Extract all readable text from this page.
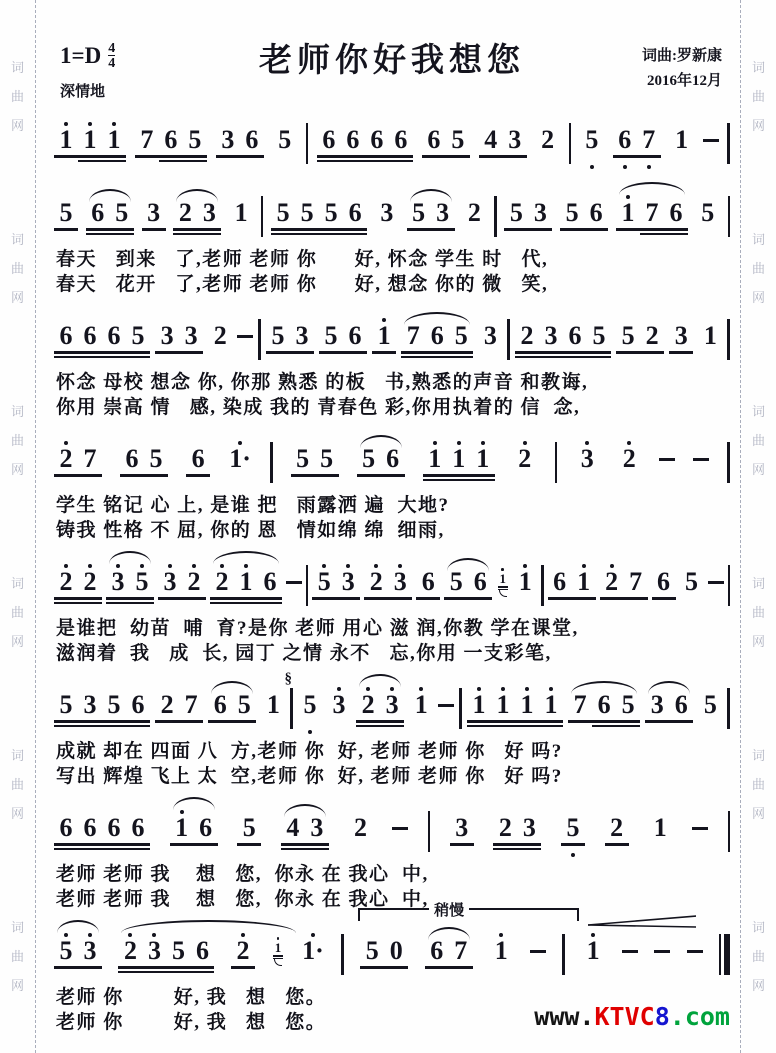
$1=D \frac{4}{4}$
深情地
老师你好我想您	词曲:罗新康
2016年12月
1 1 1 7 6 5 3 6 5 6 6 6 6 6 5 4 3 2 5 6 7 1
5 6 5 3 2 3 1 5 5 5 6 3 5 3 2 5 3 5 6 1 7 6 5
春天   到来   了,老师 老师 你      好, 怀念 学生 时   代,
春天   花开   了,老师 老师 你      好, 想念 你的 微   笑,
6 6 6 5 3 3 2 5 3 5 6 1 7 6 5 3 2 3 6 5 5 2 3 1
怀念 母校 想念 你, 你那 熟悉 的板   书,熟悉的声音 和教诲,
你用 崇高 情   感, 染成 我的 青春色 彩,你用执着的 信  念,
2 7 6 5 6 1· 5 5 5 6 1 1 1 2 3 2
学生 铭记 心 上, 是谁 把   雨露洒 遍  大地?
铸我 性格 不 屈, 你的 恩   情如绵 绵  细雨,
2 2 3 5 3 2 2 1 6 5 3 2 3 6 5 6 1 1 6 1 2 7 6 5
是谁把  幼苗  哺  育?是你 老师 用心 滋 润,你教 学在课堂,
滋润着  我   成  长, 园丁 之情 永不   忘,你用 一支彩笔,
5 3 5 6 2 7 6 5 1
§
5 3 2 3 1 1 1 1 1 7 6 5 3 6 5
成就 却在 四面 八  方,老师 你  好, 老师 老师 你   好 吗?
写出 辉煌 飞上 太  空,老师 你  好, 老师 老师 你   好 吗?
6 6 6 6 1 6 5 4 3 2	3 2 3 5 2 1
老师 老师 我    想   您,  你永 在 我心  中,
老师 老师 我    想   您,  你永 在 我心  中,
稍慢
5 3 2 3 5 6 2 1 1· 5 0 6 7 1	1
老师 你        好, 我   想   您。
老师 你        好, 我   想   您。	www.KTVC8.com
词
曲
网
词
曲
网
词
曲
网
词
曲
网
词
曲
网
词
曲
网
词
曲
网
词
曲
网
词
曲
网
词
曲
网
词
曲
网
词
曲
网
